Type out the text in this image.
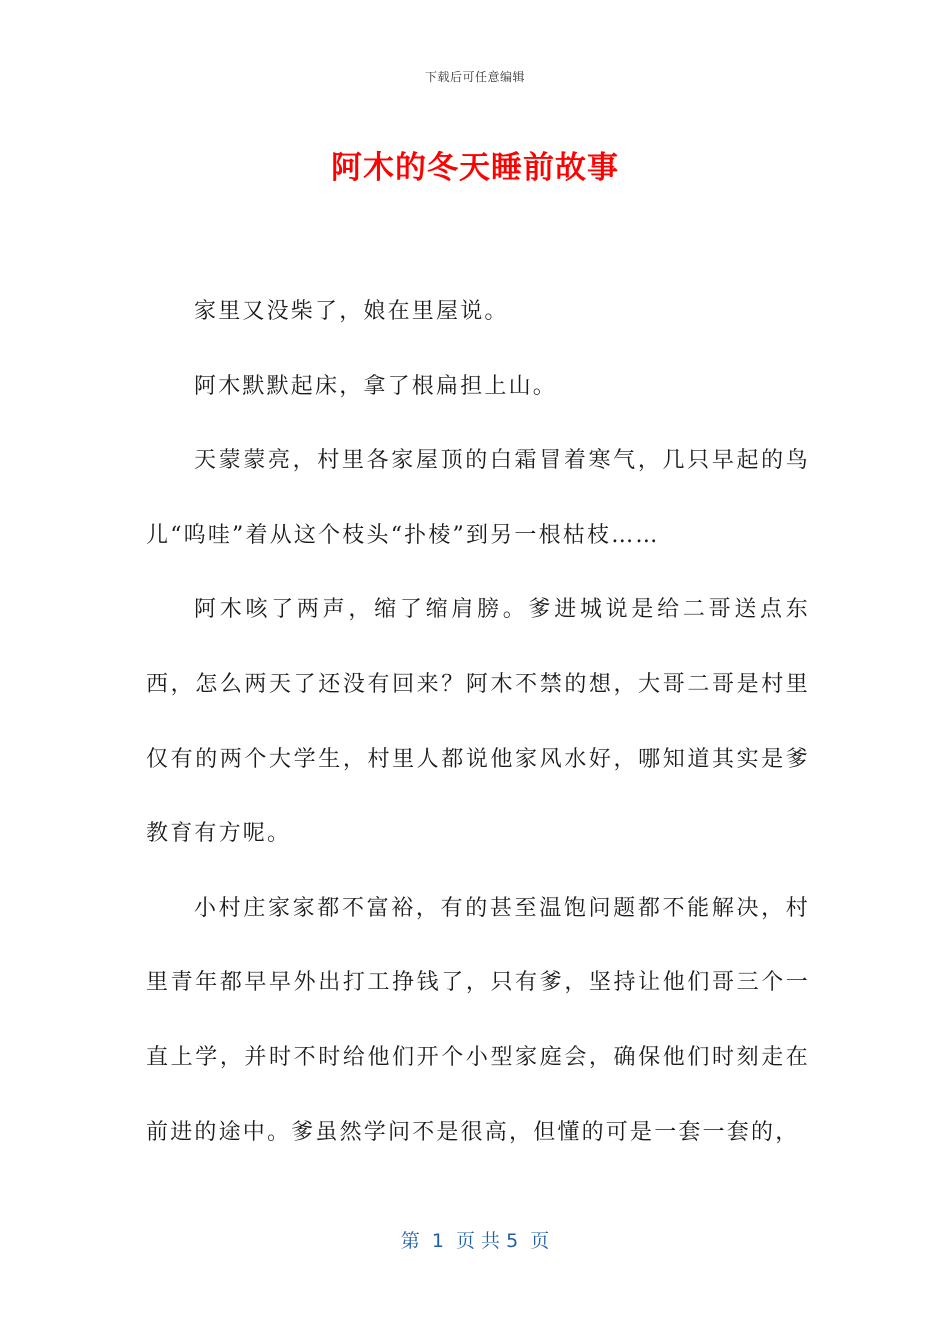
下载后可任意编辑
阿木的冬天睡前故事

家里又没柴了，娘在里屋说。

阿木默默起床，拿了根扁担上山。

天蒙蒙亮，村里各家屋顶的白霜冒着寒气，几只早起的鸟儿“呜哇”着从这个枝头“扑棱”到另一根枯枝……

阿木咳了两声，缩了缩肩膀。爹进城说是给二哥送点东西，怎么两天了还没有回来？阿木不禁的想，大哥二哥是村里仅有的两个大学生，村里人都说他家风水好，哪知道其实是爹教育有方呢。

小村庄家家都不富裕，有的甚至温饱问题都不能解决，村里青年都早早外出打工挣钱了，只有爹，坚持让他们哥三个一直上学，并时不时给他们开个小型家庭会，确保他们时刻走在前进的途中。爹虽然学问不是很高，但懂的可是一套一套的，

第  1  页 共 5  页
